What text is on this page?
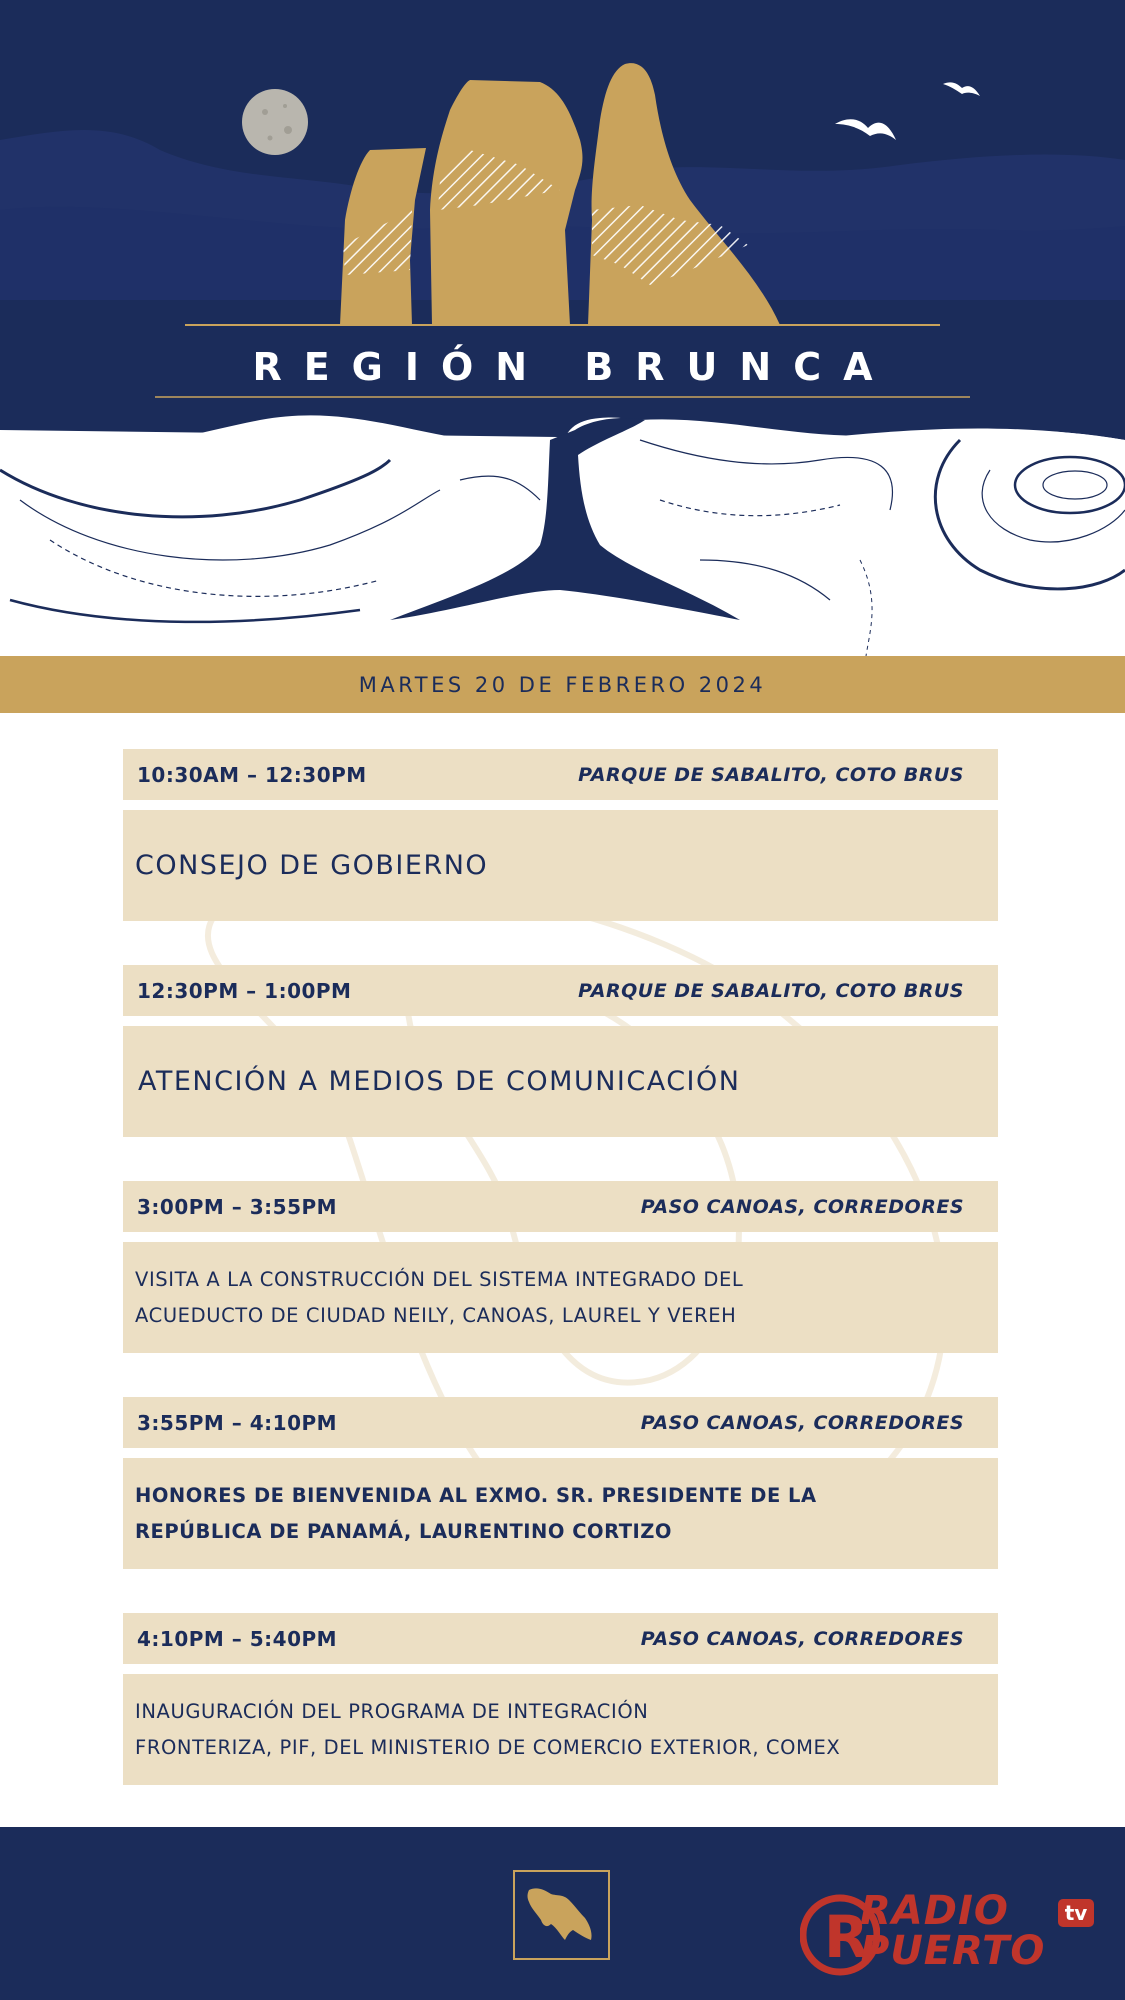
REGIÓN BRUNCA
MARTES 20 DE FEBRERO 2024
10:30AM – 12:30PM	PARQUE DE SABALITO, COTO BRUS
CONSEJO DE GOBIERNO
12:30PM – 1:00PM	PARQUE DE SABALITO, COTO BRUS
ATENCIÓN A MEDIOS DE COMUNICACIÓN
3:00PM – 3:55PM	PASO CANOAS, CORREDORES
VISITA A LA CONSTRUCCIÓN DEL SISTEMA INTEGRADO DEL
ACUEDUCTO DE CIUDAD NEILY, CANOAS, LAUREL Y VEREH
3:55PM – 4:10PM	PASO CANOAS, CORREDORES
HONORES DE BIENVENIDA AL EXMO. SR. PRESIDENTE DE LA
REPÚBLICA DE PANAMÁ, LAURENTINO CORTIZO
4:10PM – 5:40PM	PASO CANOAS, CORREDORES
INAUGURACIÓN DEL PROGRAMA DE INTEGRACIÓN
FRONTERIZA, PIF, DEL MINISTERIO DE COMERCIO EXTERIOR, COMEX
R
RADIO
PUERTO
tv
